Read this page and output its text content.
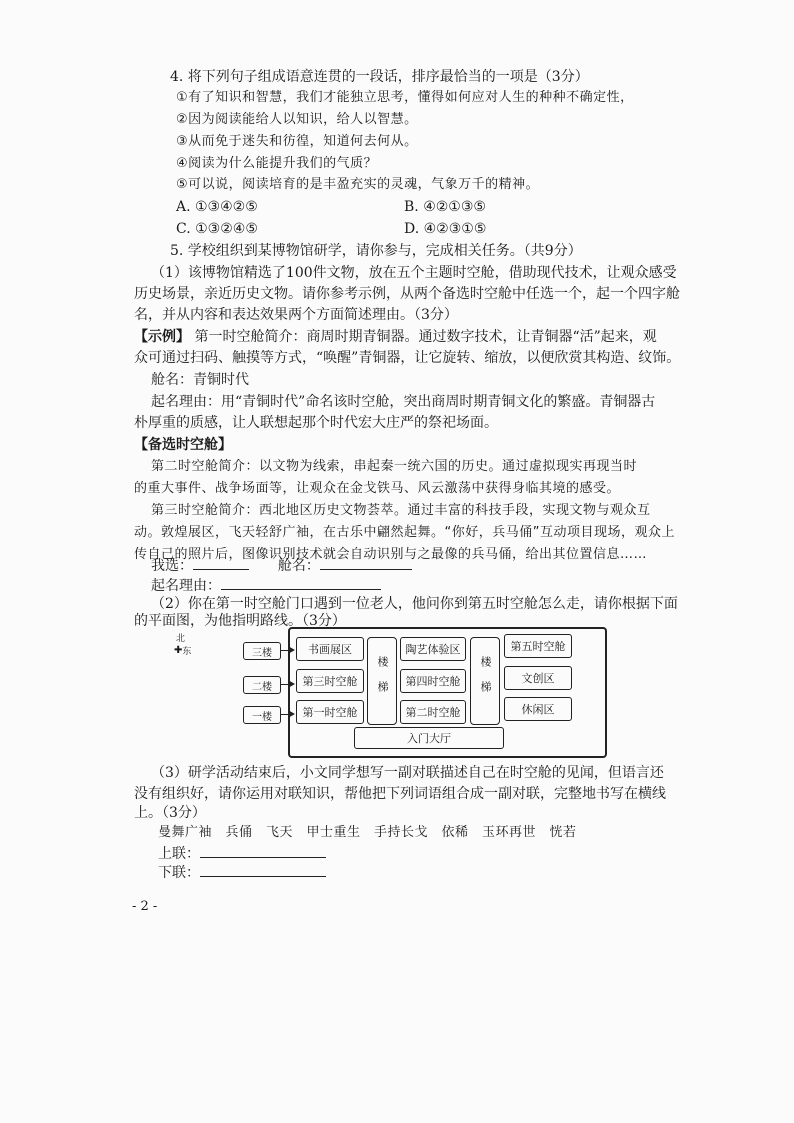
4. 将下列句子组成语意连贯的一段话，排序最恰当的一项是（3分）
①有了知识和智慧，我们才能独立思考，懂得如何应对人生的种种不确定性，
②因为阅读能给人以知识，给人以智慧。
③从而免于迷失和彷徨，知道何去何从。
④阅读为什么能提升我们的气质？
⑤可以说，阅读培育的是丰盈充实的灵魂，气象万千的精神。
A. ①③④②⑤	B. ④②①③⑤
C. ①③②④⑤	D. ④②③①⑤
5. 学校组织到某博物馆研学，请你参与，完成相关任务。（共9分）
（1）该博物馆精选了100件文物，放在五个主题时空舱，借助现代技术，让观众感受
历史场景，亲近历史文物。请你参考示例，从两个备选时空舱中任选一个，起一个四字舱
名，并从内容和表达效果两个方面简述理由。（3分）
【示例】 第一时空舱简介：商周时期青铜器。通过数字技术，让青铜器“活”起来，观
众可通过扫码、触摸等方式，“唤醒”青铜器，让它旋转、缩放，以便欣赏其构造、纹饰。
舱名：青铜时代
起名理由：用“青铜时代”命名该时空舱，突出商周时期青铜文化的繁盛。青铜器古
朴厚重的质感，让人联想起那个时代宏大庄严的祭祀场面。
【备选时空舱】
第二时空舱简介：以文物为线索，串起秦一统六国的历史。通过虚拟现实再现当时
的重大事件、战争场面等，让观众在金戈铁马、风云激荡中获得身临其境的感受。
第三时空舱简介：西北地区历史文物荟萃。通过丰富的科技手段，实现文物与观众互
动。敦煌展区，飞天轻舒广袖，在古乐中翩然起舞。“你好，兵马俑”互动项目现场，观众上
传自己的照片后，图像识别技术就会自动识别与之最像的兵马俑，给出其位置信息……
我选：	舱名：
起名理由：
（2）你在第一时空舱门口遇到一位老人，他问你到第五时空舱怎么走，请你根据下面
的平面图，为他指明路线。（3分）
北
✚ 东	三楼
二楼
一楼
书画展区
第三时空舱
第一时空舱
楼梯
陶艺体验区
第四时空舱
第二时空舱
楼梯
第五时空舱
文创区
休闲区
入门大厅
（3）研学活动结束后，小文同学想写一副对联描述自己在时空舱的见闻，但语言还
没有组织好，请你运用对联知识，帮他把下列词语组合成一副对联，完整地书写在横线
上。（3分）
曼舞广袖　兵俑　飞天　甲士重生　手持长戈　依稀　玉环再世　恍若
上联：
下联：
- 2 -
